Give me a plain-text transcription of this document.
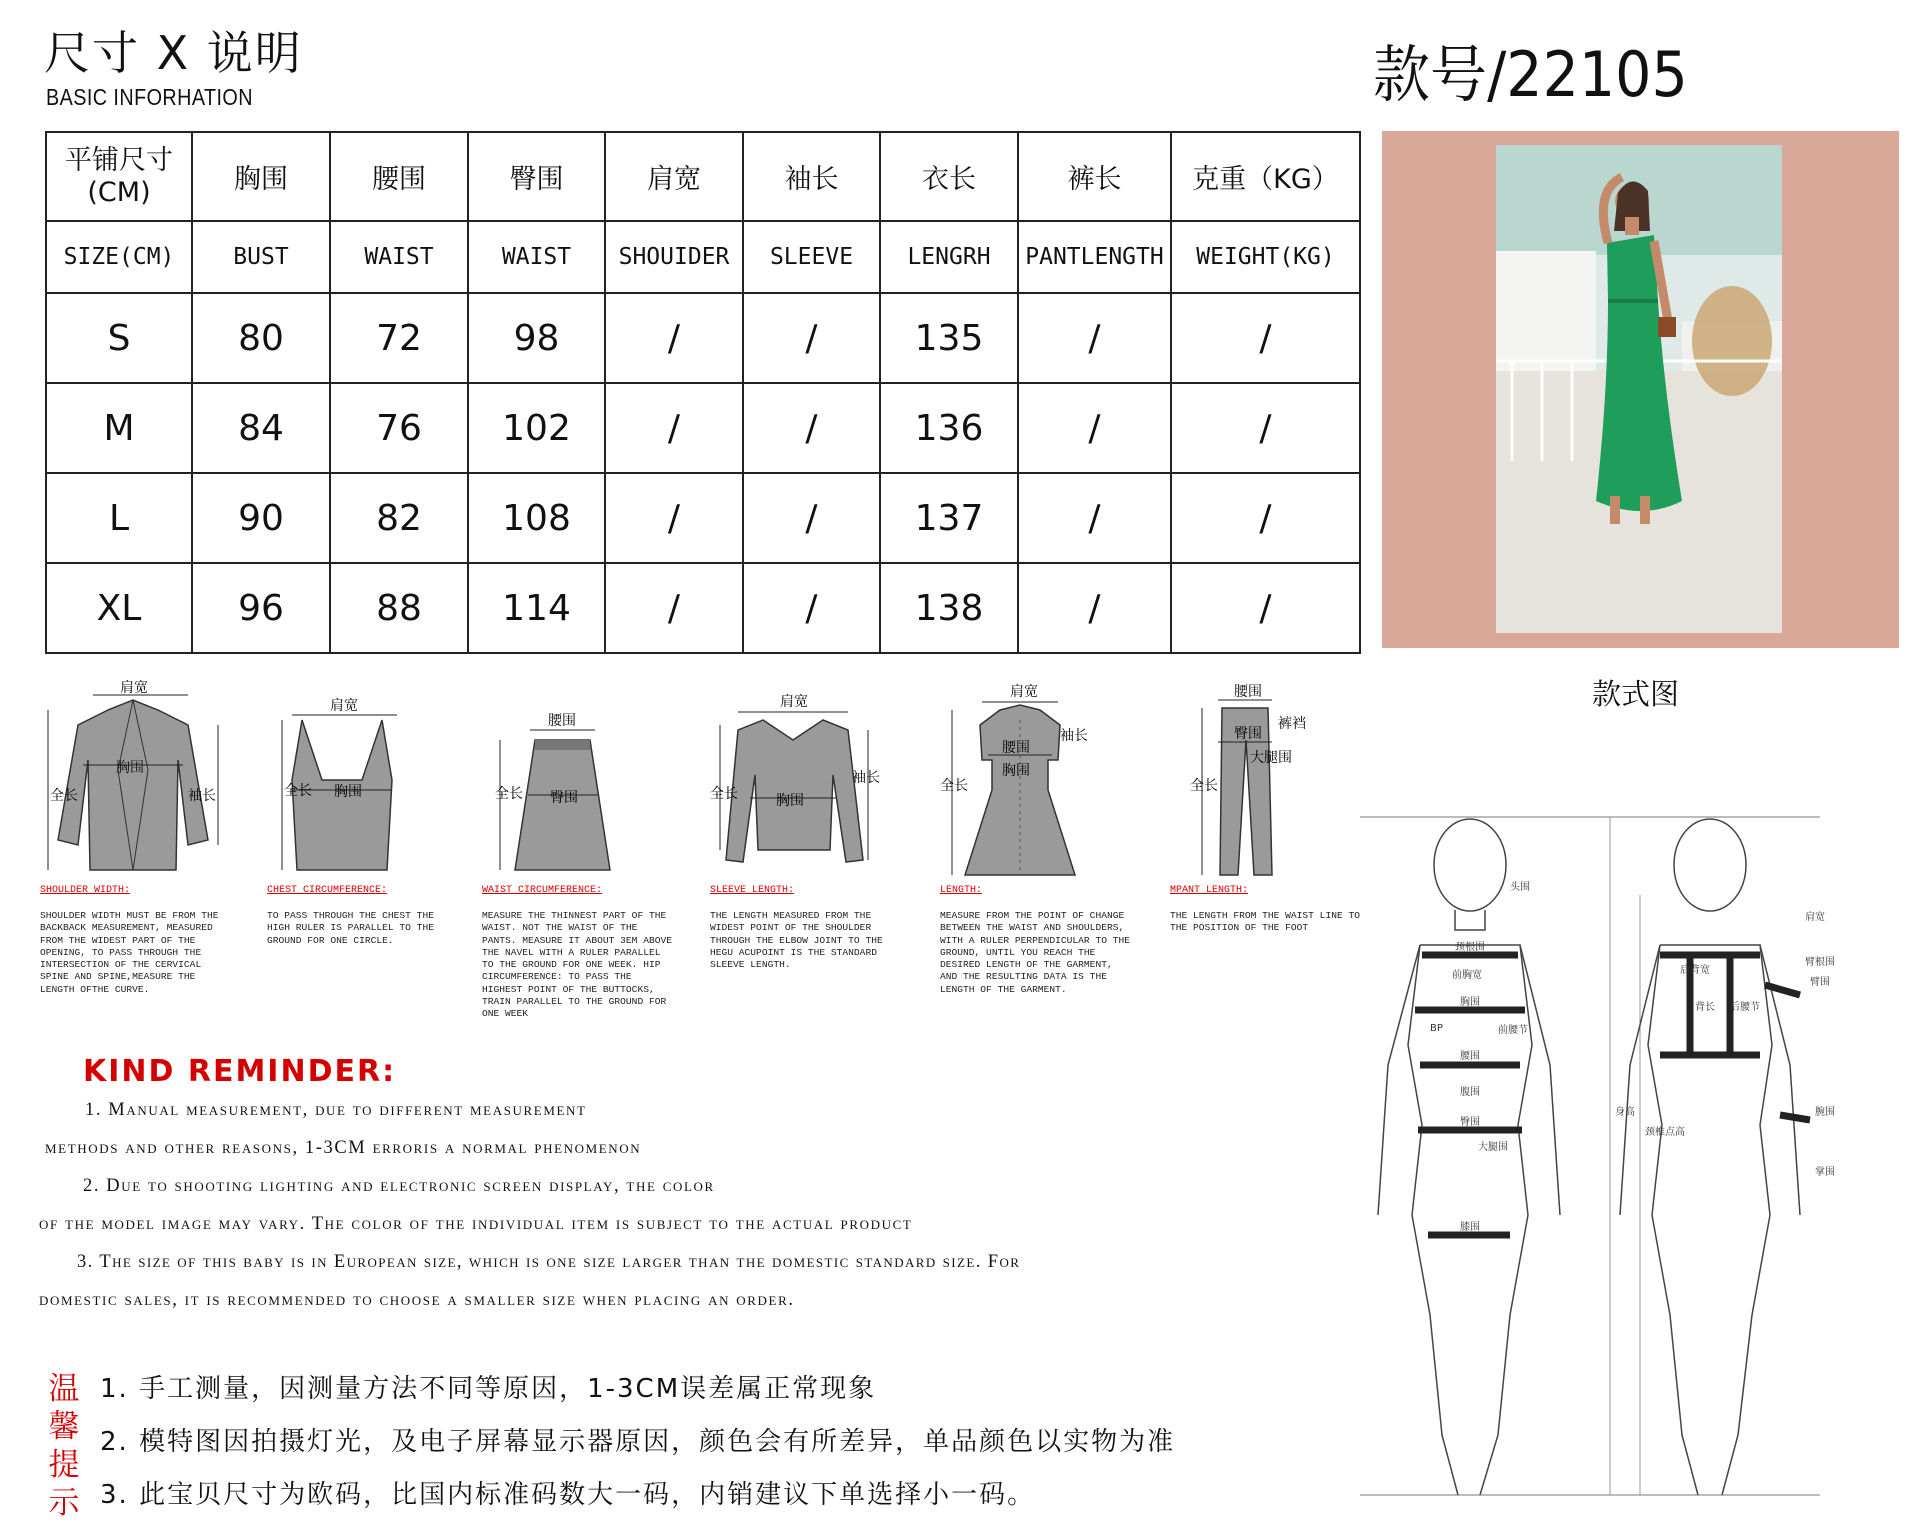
尺寸 X 说明
BASIC INFORHATION	款号/22105
平铺尺寸
(CM)	胸围	腰围	臀围	肩宽	袖长	衣长	裤长	克重（KG）
SIZE(CM)	BUST	WAIST	WAIST	SHOUIDER	SLEEVE	LENGRH	PANTLENGTH	WEIGHT(KG)
S	80	72	98	/	/	135	/	/
M	84	76	102	/	/	136	/	/
L	90	82	108	/	/	137	/	/
XL	96	88	114	/	/	138	/	/
款式图
肩宽
胸围
全长	袖长
肩宽
胸围
全长
腰围
臀围
全长
肩宽
胸围
全长
袖长
肩宽
腰围
胸围
袖长
全长
腰围
臀围
大腿围
全长
裤裆
SHOULDER WIDTH:
SHOULDER WIDTH MUST BE FROM THE BACKBACK MEASUREMENT, MEASURED FROM THE WIDEST PART OF THE OPENING, TO PASS THROUGH THE INTERSECTION OF THE CERVICAL SPINE AND SPINE,MEASURE THE LENGTH OFTHE CURVE.
CHEST CIRCUMFERENCE:
TO PASS THROUGH THE CHEST THE HIGH RULER IS PARALLEL TO THE GROUND FOR ONE CIRCLE.
WAIST CIRCUMFERENCE:
MEASURE THE THINNEST PART OF THE WAIST. NOT THE WAIST OF THE PANTS. MEASURE IT ABOUT 3EM ABOVE THE NAVEL WITH A RULER PARALLEL TO THE GROUND FOR ONE WEEK. HIP CIRCUMFERENCE: TO PASS THE HIGHEST POINT OF THE BUTTOCKS, TRAIN PARALLEL TO THE GROUND FOR ONE WEEK
SLEEVE LENGTH:
THE LENGTH MEASURED FROM THE WIDEST POINT OF THE SHOULDER THROUGH THE ELBOW JOINT TO THE HEGU ACUPOINT IS THE STANDARD SLEEVE LENGTH.
LENGTH:
MEASURE FROM THE POINT OF CHANGE BETWEEN THE WAIST AND SHOULDERS, WITH A RULER PERPENDICULAR TO THE GROUND, UNTIL YOU REACH THE DESIRED LENGTH OF THE GARMENT, AND THE RESULTING DATA IS THE LENGTH OF THE GARMENT.
MPANT LENGTH:
THE LENGTH FROM THE WAIST LINE TO THE POSITION OF THE FOOT
KIND REMINDER:
1. Manual measurement, due to different measurement
methods and other reasons, 1-3CM erroris a normal phenomenon
2. Due to shooting lighting and electronic screen display, the color
of the model image may vary. The color of the individual item is subject to the actual product
3. The size of this baby is in European size, which is one size larger than the domestic standard size. For
domestic sales, it is recommended to choose a smaller size when placing an order.
温
馨
提
示
1. 手工测量，因测量方法不同等原因，1-3CM误差属正常现象
2. 模特图因拍摄灯光，及电子屏幕显示器原因，颜色会有所差异，单品颜色以实物为准
3. 此宝贝尺寸为欧码，比国内标准码数大一码，内销建议下单选择小一码。
头围
颈根围
前胸宽
胸围
BP	前腰节
腰围
腹围
臀围
大腿围
膝围
肩宽
臂根围
臂围
后背宽
背长 后腰节
腕围
掌围
身高
颈椎点高
